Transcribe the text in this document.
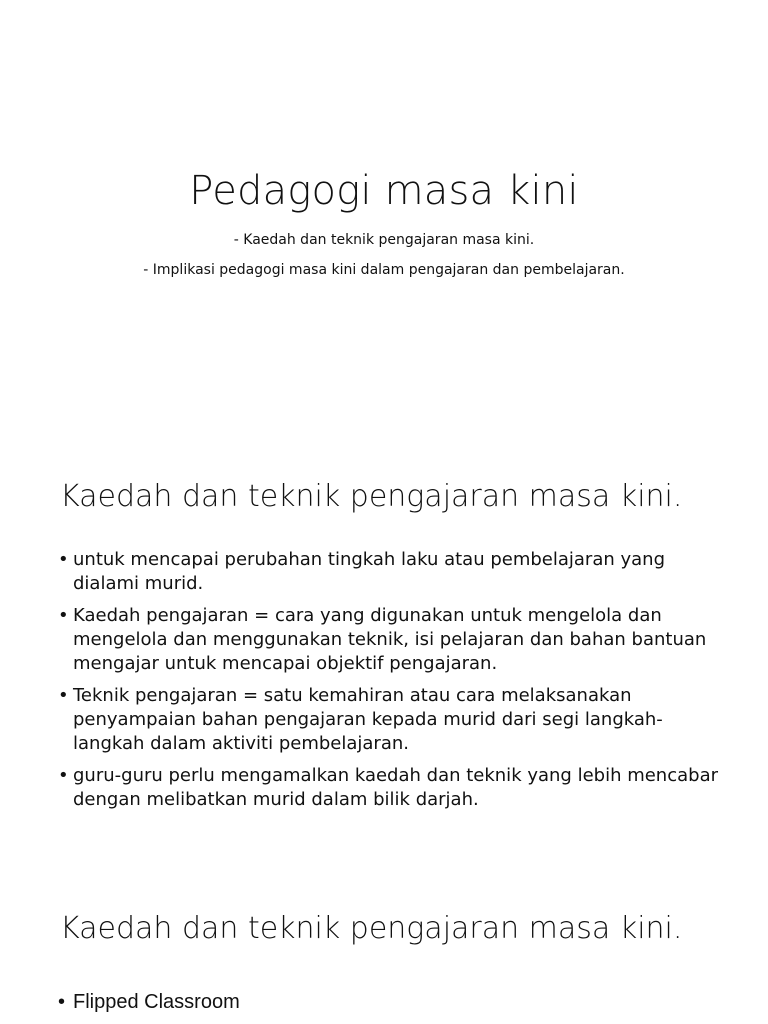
Pedagogi masa kini
- Kaedah dan teknik pengajaran masa kini.
- Implikasi pedagogi masa kini dalam pengajaran dan pembelajaran.
Kaedah dan teknik pengajaran masa kini.
• untuk mencapai perubahan tingkah laku atau pembelajaran yang dialami murid.
• Kaedah pengajaran = cara yang digunakan untuk mengelola dan mengelola dan menggunakan teknik, isi pelajaran dan bahan bantuan mengajar untuk mencapai objektif pengajaran.
• Teknik pengajaran = satu kemahiran atau cara melaksanakan penyampaian bahan pengajaran kepada murid dari segi langkah-langkah dalam aktiviti pembelajaran.
• guru-guru perlu mengamalkan kaedah dan teknik yang lebih mencabar dengan melibatkan murid dalam bilik darjah.
Kaedah dan teknik pengajaran masa kini.
• Flipped Classroom
